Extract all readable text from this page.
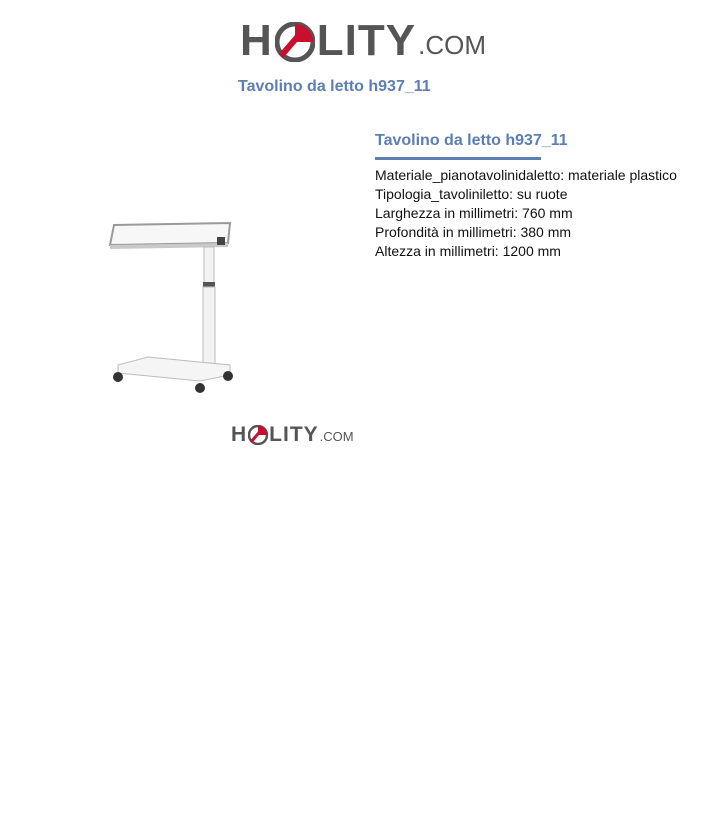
H LITY .COM
Tavolino da letto h937_11
H LITY .COM
Tavolino da letto h937_11
Materiale_pianotavolinidaletto: materiale plastico
Tipologia_tavoliniletto: su ruote
Larghezza in millimetri: 760 mm
Profondità in millimetri: 380 mm
Altezza in millimetri: 1200 mm
